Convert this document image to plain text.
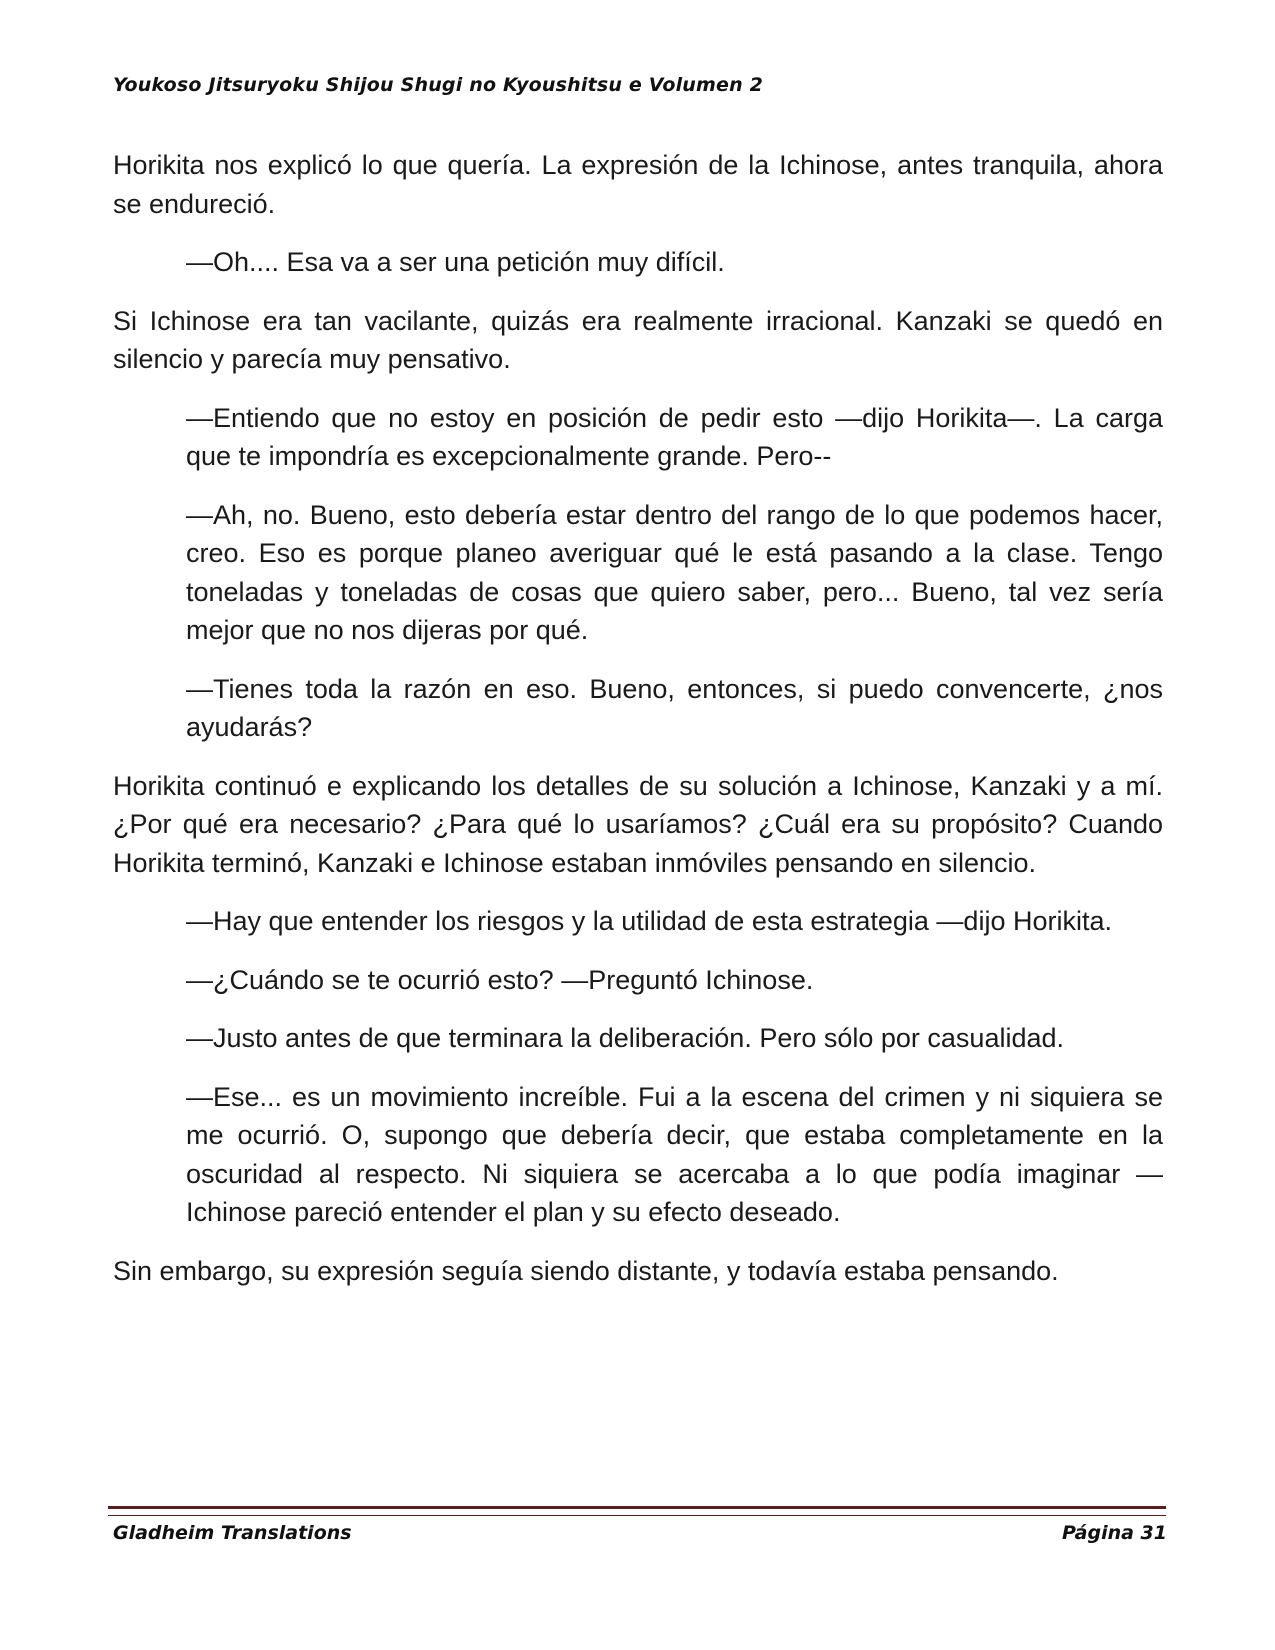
Youkoso Jitsuryoku Shijou Shugi no Kyoushitsu e Volumen 2

Horikita nos explicó lo que quería. La expresión de la Ichinose, antes tranquila, ahora se endureció.

—Oh.... Esa va a ser una petición muy difícil.

Si Ichinose era tan vacilante, quizás era realmente irracional. Kanzaki se quedó en silencio y parecía muy pensativo.

—Entiendo que no estoy en posición de pedir esto —dijo Horikita—. La carga que te impondría es excepcionalmente grande. Pero--

—Ah, no. Bueno, esto debería estar dentro del rango de lo que podemos hacer, creo. Eso es porque planeo averiguar qué le está pasando a la clase. Tengo toneladas y toneladas de cosas que quiero saber, pero... Bueno, tal vez sería mejor que no nos dijeras por qué.

—Tienes toda la razón en eso. Bueno, entonces, si puedo convencerte, ¿nos ayudarás?

Horikita continuó e explicando los detalles de su solución a Ichinose, Kanzaki y a mí. ¿Por qué era necesario? ¿Para qué lo usaríamos? ¿Cuál era su propósito? Cuando Horikita terminó, Kanzaki e Ichinose estaban inmóviles pensando en silencio.

—Hay que entender los riesgos y la utilidad de esta estrategia —dijo Horikita.

—¿Cuándo se te ocurrió esto? —Preguntó Ichinose.

—Justo antes de que terminara la deliberación. Pero sólo por casualidad.

—Ese... es un movimiento increíble. Fui a la escena del crimen y ni siquiera se me ocurrió. O, supongo que debería decir, que estaba completamente en la oscuridad al respecto. Ni siquiera se acercaba a lo que podía imaginar —Ichinose pareció entender el plan y su efecto deseado.

Sin embargo, su expresión seguía siendo distante, y todavía estaba pensando.

Gladheim Translations	Página 31
